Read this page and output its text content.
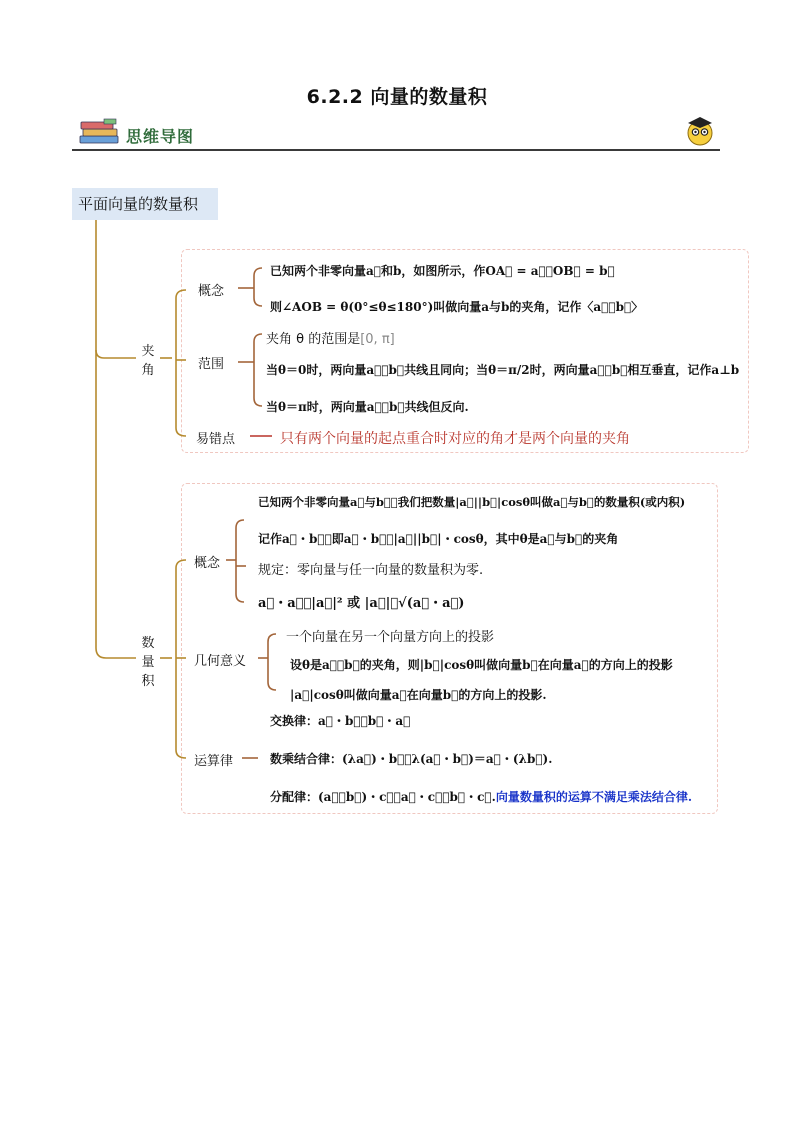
6.2.2 向量的数量积
思维导图
平面向量的数量积
夹
角
概念
已知两个非零向量a⃗和b，如图所示，作OA⃗ = a⃗，OB⃗ = b⃗
则∠AOB = θ(0°≤θ≤180°)叫做向量a与b的夹角，记作〈a⃗，b⃗〉
范围
夹角 θ 的范围是[0, π]
当θ＝0时，两向量a⃗，b⃗共线且同向；当θ＝π/2时，两向量a⃗，b⃗相互垂直，记作a⊥b
当θ＝π时，两向量a⃗，b⃗共线但反向.
易错点	只有两个向量的起点重合时对应的角才是两个向量的夹角
数
量
积
概念
已知两个非零向量a⃗与b⃗，我们把数量|a⃗||b⃗|cosθ叫做a⃗与b⃗的数量积(或内积)
记作a⃗・b⃗，即a⃗・b⃗＝|a⃗||b⃗|・cosθ，其中θ是a⃗与b⃗的夹角
规定：零向量与任一向量的数量积为零.
a⃗・a⃗＝|a⃗|² 或 |a⃗|＝√(a⃗・a⃗)
几何意义
一个向量在另一个向量方向上的投影
设θ是a⃗，b⃗的夹角，则|b⃗|cosθ叫做向量b⃗在向量a⃗的方向上的投影
|a⃗|cosθ叫做向量a⃗在向量b⃗的方向上的投影.
运算律
交换律：a⃗・b⃗＝b⃗・a⃗
数乘结合律：(λa⃗)・b⃗＝λ(a⃗・b⃗)＝a⃗・(λb⃗).
分配律：(a⃗＋b⃗)・c⃗＝a⃗・c⃗＋b⃗・c⃗.向量数量积的运算不满足乘法结合律.
